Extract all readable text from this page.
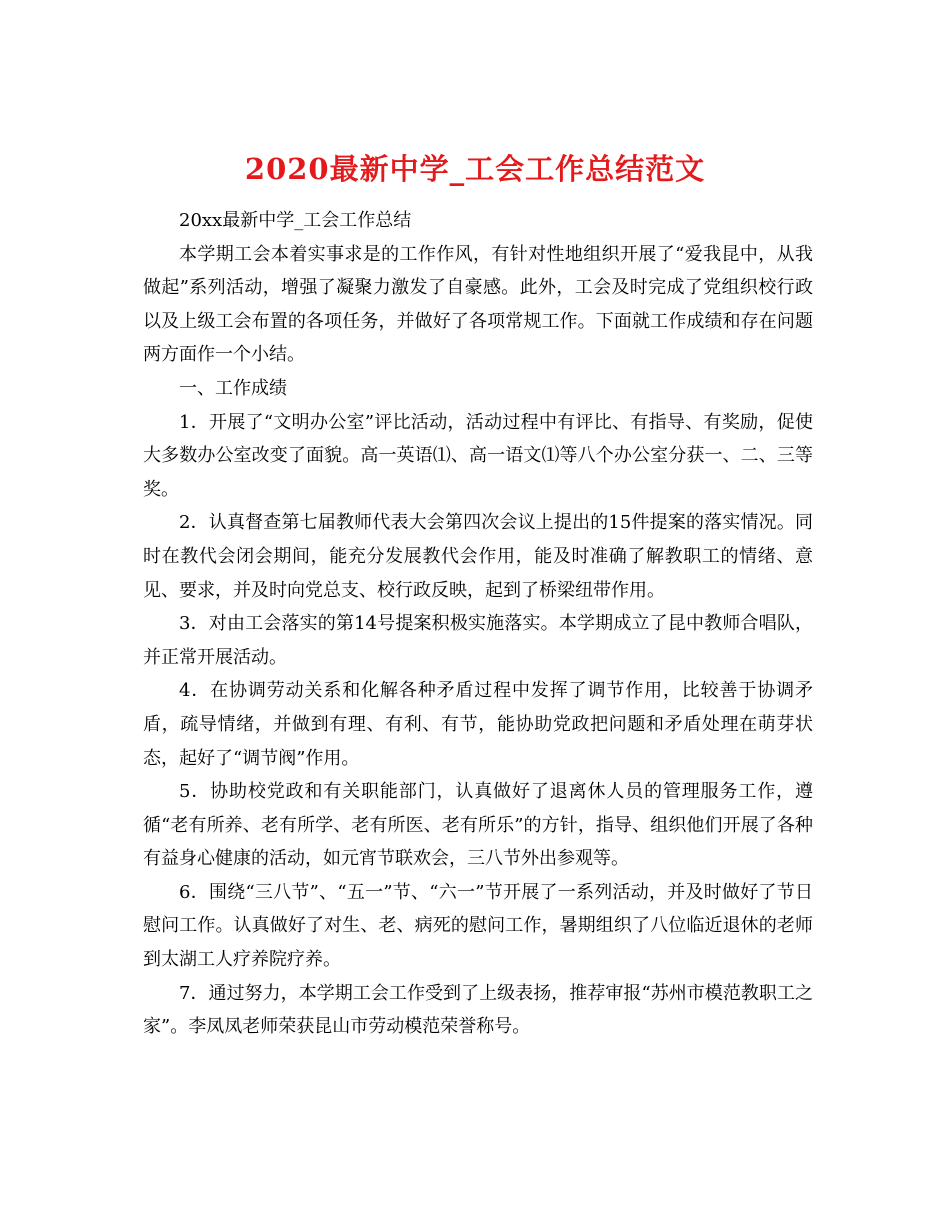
2020最新中学_工会工作总结范文

20xx最新中学_工会工作总结

本学期工会本着实事求是的工作作风，有针对性地组织开展了“爱我昆中，从我做起”系列活动，增强了凝聚力激发了自豪感。此外，工会及时完成了党组织校行政以及上级工会布置的各项任务，并做好了各项常规工作。下面就工作成绩和存在问题两方面作一个小结。

一、工作成绩

1．开展了“文明办公室”评比活动，活动过程中有评比、有指导、有奖励，促使大多数办公室改变了面貌。高一英语⑴、高一语文⑴等八个办公室分获一、二、三等奖。

2．认真督查第七届教师代表大会第四次会议上提出的15件提案的落实情况。同时在教代会闭会期间，能充分发展教代会作用，能及时准确了解教职工的情绪、意见、要求，并及时向党总支、校行政反映，起到了桥梁纽带作用。

3．对由工会落实的第14号提案积极实施落实。本学期成立了昆中教师合唱队，并正常开展活动。

4．在协调劳动关系和化解各种矛盾过程中发挥了调节作用，比较善于协调矛盾，疏导情绪，并做到有理、有利、有节，能协助党政把问题和矛盾处理在萌芽状态，起好了“调节阀”作用。

5．协助校党政和有关职能部门，认真做好了退离休人员的管理服务工作，遵循“老有所养、老有所学、老有所医、老有所乐”的方针，指导、组织他们开展了各种有益身心健康的活动，如元宵节联欢会，三八节外出参观等。

6．围绕“三八节”、“五一”节、“六一”节开展了一系列活动，并及时做好了节日慰问工作。认真做好了对生、老、病死的慰问工作，暑期组织了八位临近退休的老师到太湖工人疗养院疗养。

7．通过努力，本学期工会工作受到了上级表扬，推荐审报“苏州市模范教职工之家”。李凤凤老师荣获昆山市劳动模范荣誉称号。
